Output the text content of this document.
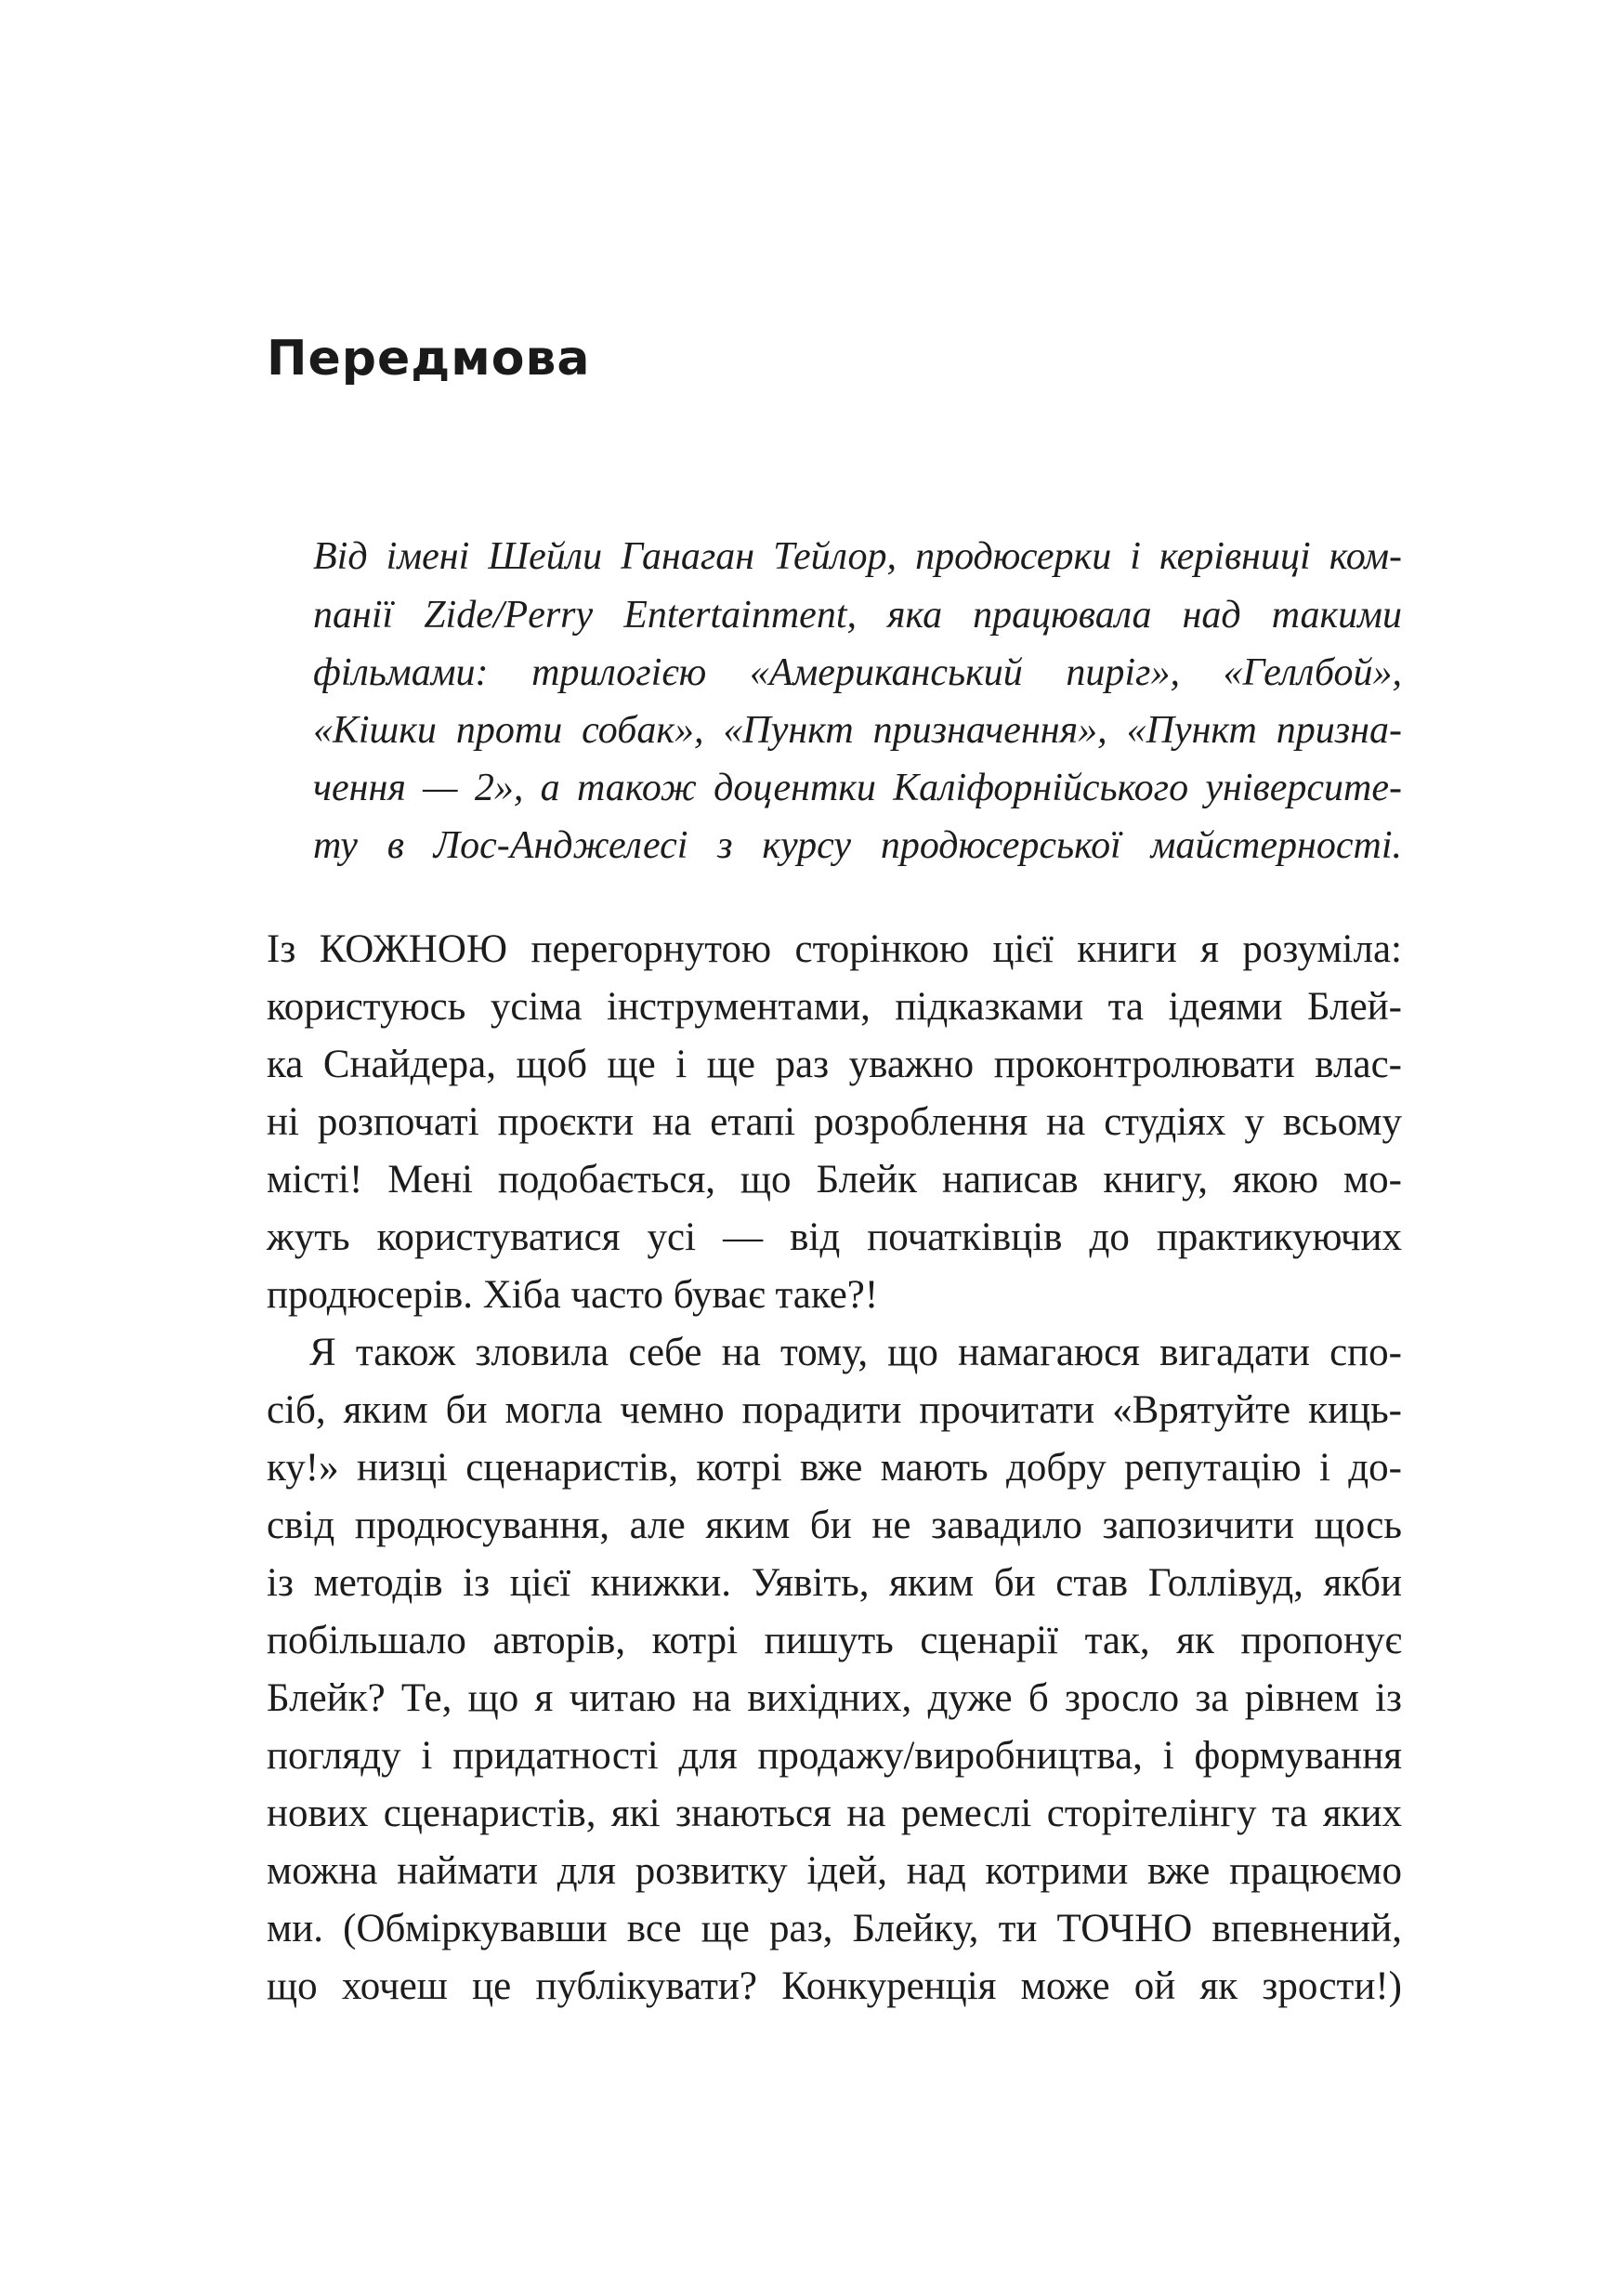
Передмова

Від імені Шейли Ганаган Тейлор, продюсерки і керівниці ком-

панії Zide/Perry Entertainment, яка працювала над такими

фільмами: трилогією «Американський пиріг», «Геллбой»,

«Кішки проти собак», «Пункт призначення», «Пункт призна-

чення — 2», а також доцентки Каліфорнійського університе-

ту в Лос-Анджелесі з курсу продюсерської майстерності.

Із КОЖНОЮ перегорнутою сторінкою цієї книги я розуміла:

користуюсь усіма інструментами, підказками та ідеями Блей-

ка Снайдера, щоб ще і ще раз уважно проконтролювати влас-

ні розпочаті проєкти на етапі розроблення на студіях у всьому

місті! Мені подобається, що Блейк написав книгу, якою мо-

жуть користуватися усі — від початківців до практикуючих

продюсерів. Хіба часто буває таке?!

Я також зловила себе на тому, що намагаюся вигадати спо-

сіб, яким би могла чемно порадити прочитати «Врятуйте киць-

ку!» низці сценаристів, котрі вже мають добру репутацію і до-

свід продюсування, але яким би не завадило запозичити щось

із методів із цієї книжки. Уявіть, яким би став Голлівуд, якби

побільшало авторів, котрі пишуть сценарії так, як пропонує

Блейк? Те, що я читаю на вихідних, дуже б зросло за рівнем із

погляду і придатності для продажу/виробництва, і формування

нових сценаристів, які знаються на ремеслі сторітелінгу та яких

можна наймати для розвитку ідей, над котрими вже працюємо

ми. (Обміркувавши все ще раз, Блейку, ти ТОЧНО впевнений,

що хочеш це публікувати? Конкуренція може ой як зрости!)
